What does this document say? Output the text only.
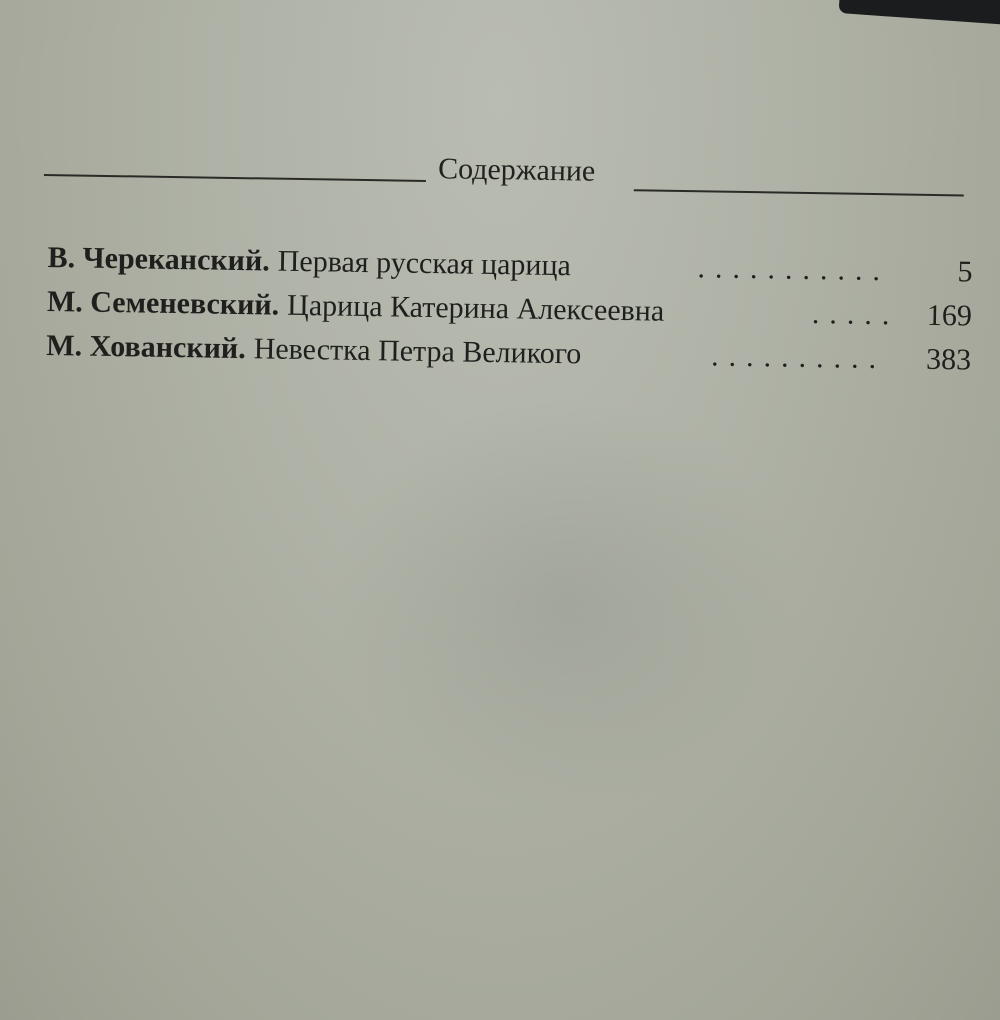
Содержание
В. Черeканский. Первая русская царица	........... 5
М. Семеневский. Царица Катерина Алексеевна	..... 169
М. Хованский. Невестка Петра Великого	.......... 383
